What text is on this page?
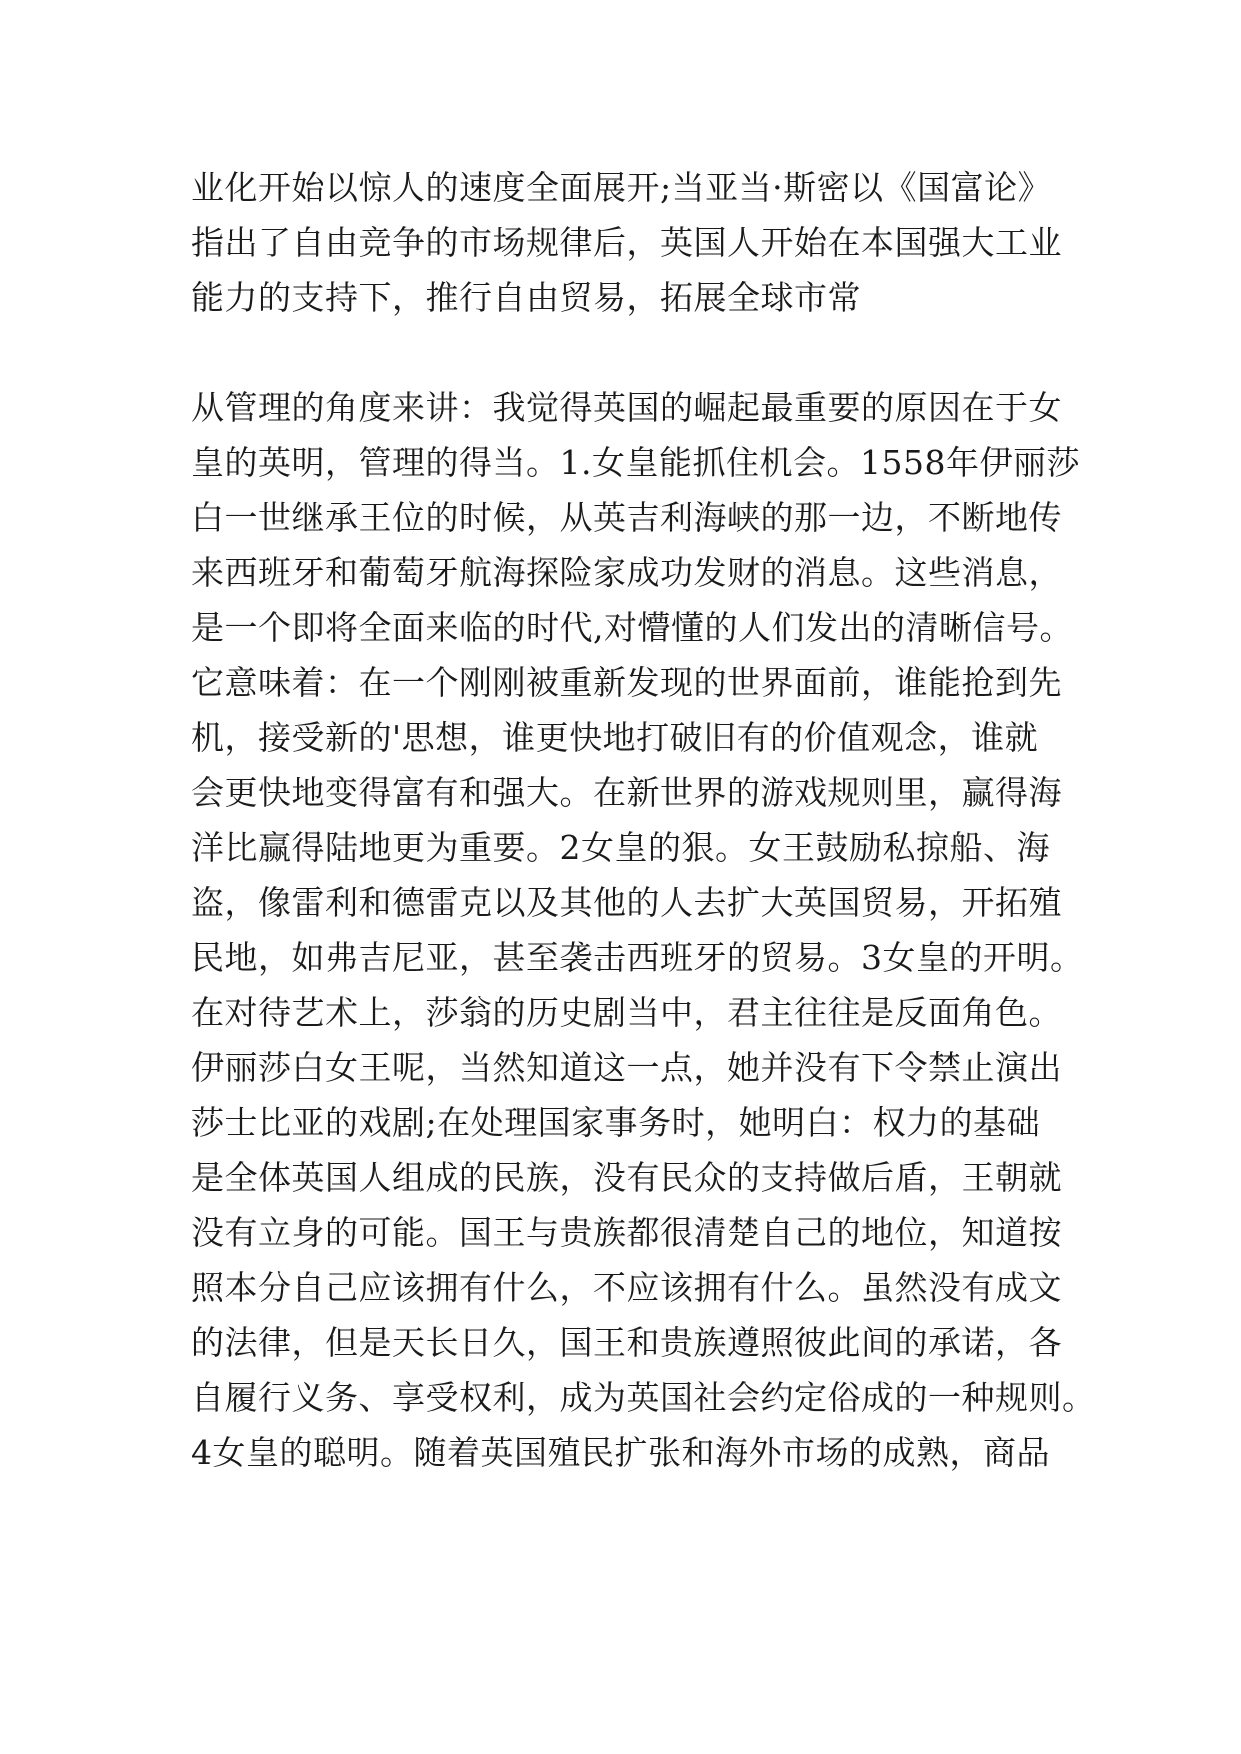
业化开始以惊人的速度全面展开;当亚当·斯密以《国富论》
指出了自由竞争的市场规律后，英国人开始在本国强大工业
能力的支持下，推行自由贸易，拓展全球市常
从管理的角度来讲：我觉得英国的崛起最重要的原因在于女
皇的英明，管理的得当。1.女皇能抓住机会。1558年伊丽莎
白一世继承王位的时候，从英吉利海峡的那一边，不断地传
来西班牙和葡萄牙航海探险家成功发财的消息。这些消息，
是一个即将全面来临的时代,对懵懂的人们发出的清晰信号。
它意味着：在一个刚刚被重新发现的世界面前，谁能抢到先
机，接受新的'思想，谁更快地打破旧有的价值观念，谁就
会更快地变得富有和强大。在新世界的游戏规则里，赢得海
洋比赢得陆地更为重要。2女皇的狠。女王鼓励私掠船、海
盗，像雷利和德雷克以及其他的人去扩大英国贸易，开拓殖
民地，如弗吉尼亚，甚至袭击西班牙的贸易。3女皇的开明。
在对待艺术上，莎翁的历史剧当中，君主往往是反面角色。
伊丽莎白女王呢，当然知道这一点，她并没有下令禁止演出
莎士比亚的戏剧;在处理国家事务时，她明白：权力的基础
是全体英国人组成的民族，没有民众的支持做后盾，王朝就
没有立身的可能。国王与贵族都很清楚自己的地位，知道按
照本分自己应该拥有什么，不应该拥有什么。虽然没有成文
的法律，但是天长日久，国王和贵族遵照彼此间的承诺，各
自履行义务、享受权利，成为英国社会约定俗成的一种规则。
4女皇的聪明。随着英国殖民扩张和海外市场的成熟，商品
